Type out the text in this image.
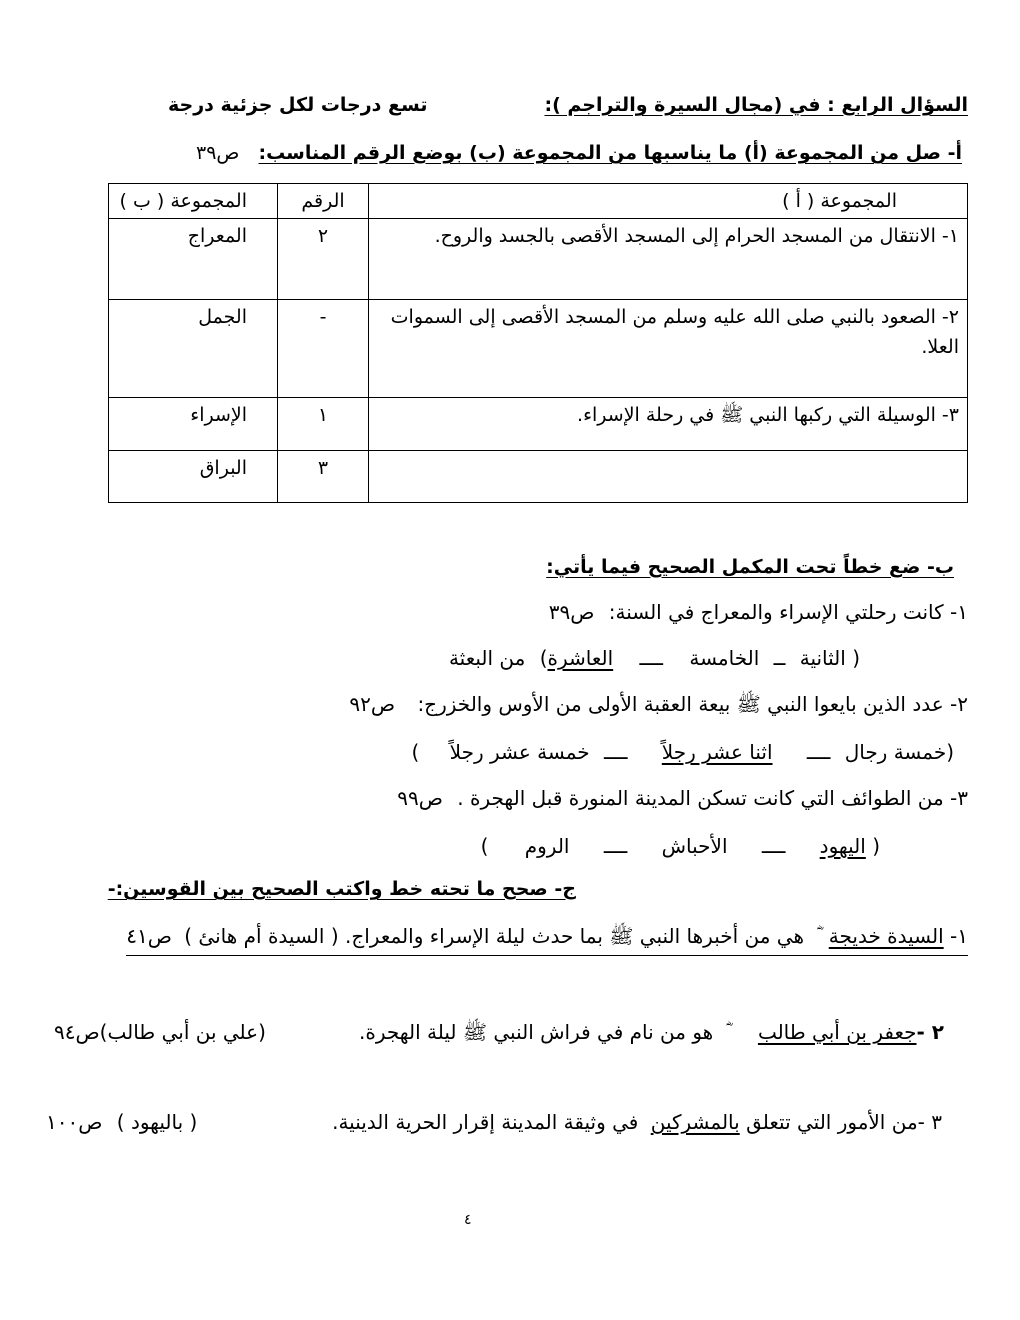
السؤال الرابع : في (مجال السيرة والتراجم ):
تسع درجات لكل جزئية درجة
أ- صل من المجموعة (أ) ما يناسبها من المجموعة (ب) بوضع الرقم المناسب:
ص٣٩
المجموعة ( أ )	الرقم	المجموعة ( ب )
١- الانتقال من المسجد الحرام إلى المسجد الأقصى بالجسد والروح.	٢	المعراج
٢- الصعود بالنبي صلى الله عليه وسلم من المسجد الأقصى إلى السموات العلا.	-	الجمل
٣- الوسيلة التي ركبها النبي ﷺ في رحلة الإسراء.	١	الإسراء
	٣	البراق
ب- ضع خطاً تحت المكمل الصحيح فيما يأتي:
١- كانت رحلتي الإسراء والمعراج في السنة: ص٣٩
( الثانية ــ الخامسة ــــ العاشرة) من البعثة
٢- عدد الذين بايعوا النبي ﷺ بيعة العقبة الأولى من الأوس والخزرج: ص٩٢
(خمسة رجال ــــ اثنا عشر رجلاً ــــ خمسة عشر رجلاً )
٣- من الطوائف التي كانت تسكن المدينة المنورة قبل الهجرة . ص٩٩
( اليهود ــــ الأحباش ــــ الروم )
ج- صحح ما تحته خط واكتب الصحيح بين القوسين:-
١- السيدة خديجة هي من أخبرها النبي ﷺ بما حدث ليلة الإسراء والمعراج. ( السيدة أم هانئ ) ص٤١
٢ -جعفر بن أبي طالب هو من نام في فراش النبي ﷺ ليلة الهجرة.
(علي بن أبي طالب)ص٩٤
٣ -من الأمور التي تتعلق بالمشركين في وثيقة المدينة إقرار الحرية الدينية.
( باليهود ) ص١٠٠
٤
